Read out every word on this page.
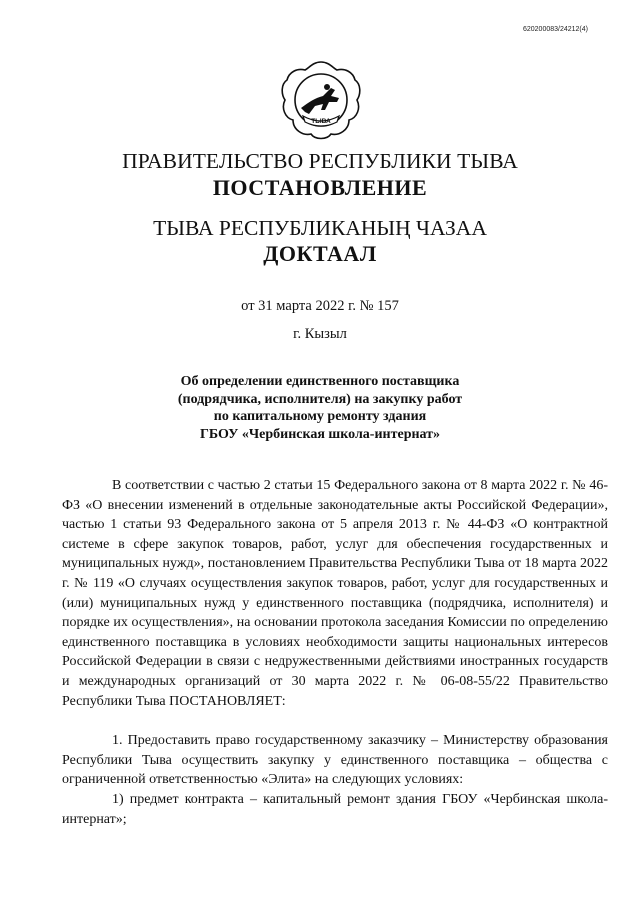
620200083/24212(4)
ТЫВА
ПРАВИТЕЛЬСТВО РЕСПУБЛИКИ ТЫВА
ПОСТАНОВЛЕНИЕ
ТЫВА РЕСПУБЛИКАНЫҢ ЧАЗАА
ДОКТААЛ
от 31 марта 2022 г. № 157
г. Кызыл
Об определении единственного поставщика
(подрядчика, исполнителя) на закупку работ
по капитальному ремонту здания
ГБОУ «Чербинская школа-интернат»

В соответствии с частью 2 статьи 15 Федерального закона от 8 марта 2022 г. № 46-ФЗ «О внесении изменений в отдельные законодательные акты Российской Федерации», частью 1 статьи 93 Федерального закона от 5 апреля 2013 г. № 44-ФЗ «О контрактной системе в сфере закупок товаров, работ, услуг для обеспечения государственных и муниципальных нужд», постановлением Правительства Республики Тыва от 18 марта 2022 г. № 119 «О случаях осуществления закупок товаров, работ, услуг для государственных и (или) муниципальных нужд у единственного поставщика (подрядчика, исполнителя) и порядке их осуществления», на основании протокола заседания Комиссии по определению единственного поставщика в условиях необходимости защиты национальных интересов Российской Федерации в связи с недружественными действиями иностранных государств и международных организаций от 30 марта 2022 г. № 06-08-55/22 Правительство Республики Тыва ПОСТАНОВЛЯЕТ:

1. Предоставить право государственному заказчику – Министерству образования Республики Тыва осуществить закупку у единственного поставщика – общества с ограниченной ответственностью «Элита» на следующих условиях:

1) предмет контракта – капитальный ремонт здания ГБОУ «Чербинская школа-интернат»;
